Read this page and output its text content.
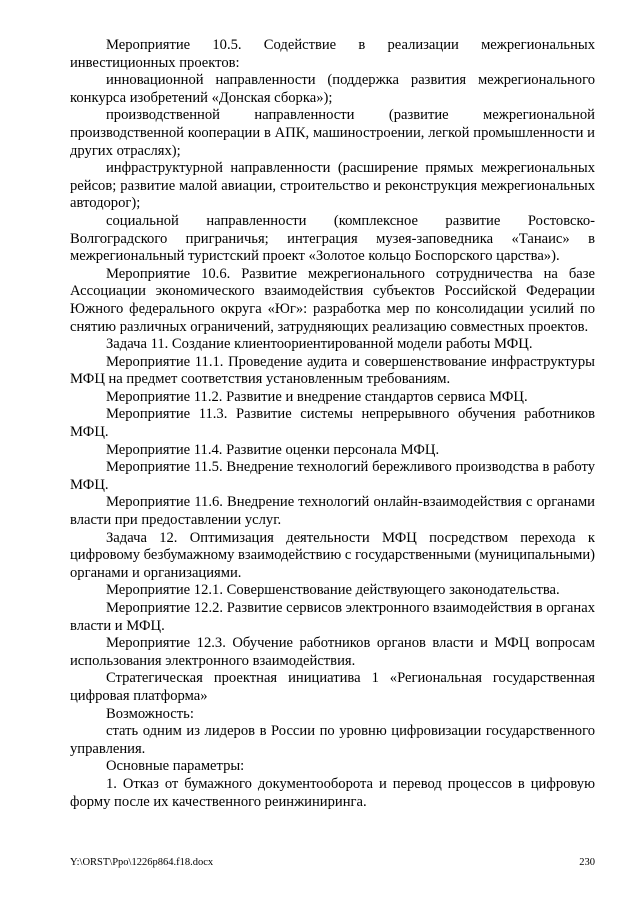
Мероприятие 10.5. Содействие в реализации межрегиональных инвестиционных проектов:

инновационной направленности (поддержка развития межрегионального конкурса изобретений «Донская сборка»);

производственной направленности (развитие межрегиональной производственной кооперации в АПК, машиностроении, легкой промышленности и других отраслях);

инфраструктурной направленности (расширение прямых межрегиональных рейсов; развитие малой авиации, строительство и реконструкция межрегиональных автодорог);

социальной направленности (комплексное развитие Ростовско-Волгоградского приграничья; интеграция музея-заповедника «Танаис» в межрегиональный туристский проект «Золотое кольцо Боспорского царства»).

Мероприятие 10.6. Развитие межрегионального сотрудничества на базе Ассоциации экономического взаимодействия субъектов Российской Федерации Южного федерального округа «Юг»: разработка мер по консолидации усилий по снятию различных ограничений, затрудняющих реализацию совместных проектов.

Задача 11. Создание клиентоориентированной модели работы МФЦ.

Мероприятие 11.1. Проведение аудита и совершенствование инфраструктуры МФЦ на предмет соответствия установленным требованиям.

Мероприятие 11.2. Развитие и внедрение стандартов сервиса МФЦ.

Мероприятие 11.3. Развитие системы непрерывного обучения работников МФЦ.

Мероприятие 11.4. Развитие оценки персонала МФЦ.

Мероприятие 11.5. Внедрение технологий бережливого производства в работу МФЦ.

Мероприятие 11.6. Внедрение технологий онлайн-взаимодействия с органами власти при предоставлении услуг.

Задача 12. Оптимизация деятельности МФЦ посредством перехода к цифровому безбумажному взаимодействию с государственными (муниципальными) органами и организациями.

Мероприятие 12.1. Совершенствование действующего законодательства.

Мероприятие 12.2. Развитие сервисов электронного взаимодействия в органах власти и МФЦ.

Мероприятие 12.3. Обучение работников органов власти и МФЦ вопросам использования электронного взаимодействия.

Стратегическая проектная инициатива 1 «Региональная государственная цифровая платформа»

Возможность:

стать одним из лидеров в России по уровню цифровизации государственного управления.

Основные параметры:

1. Отказ от бумажного документооборота и перевод процессов в цифровую форму после их качественного реинжиниринга.

Y:\ORST\Ppo\1226p864.f18.docx	230
